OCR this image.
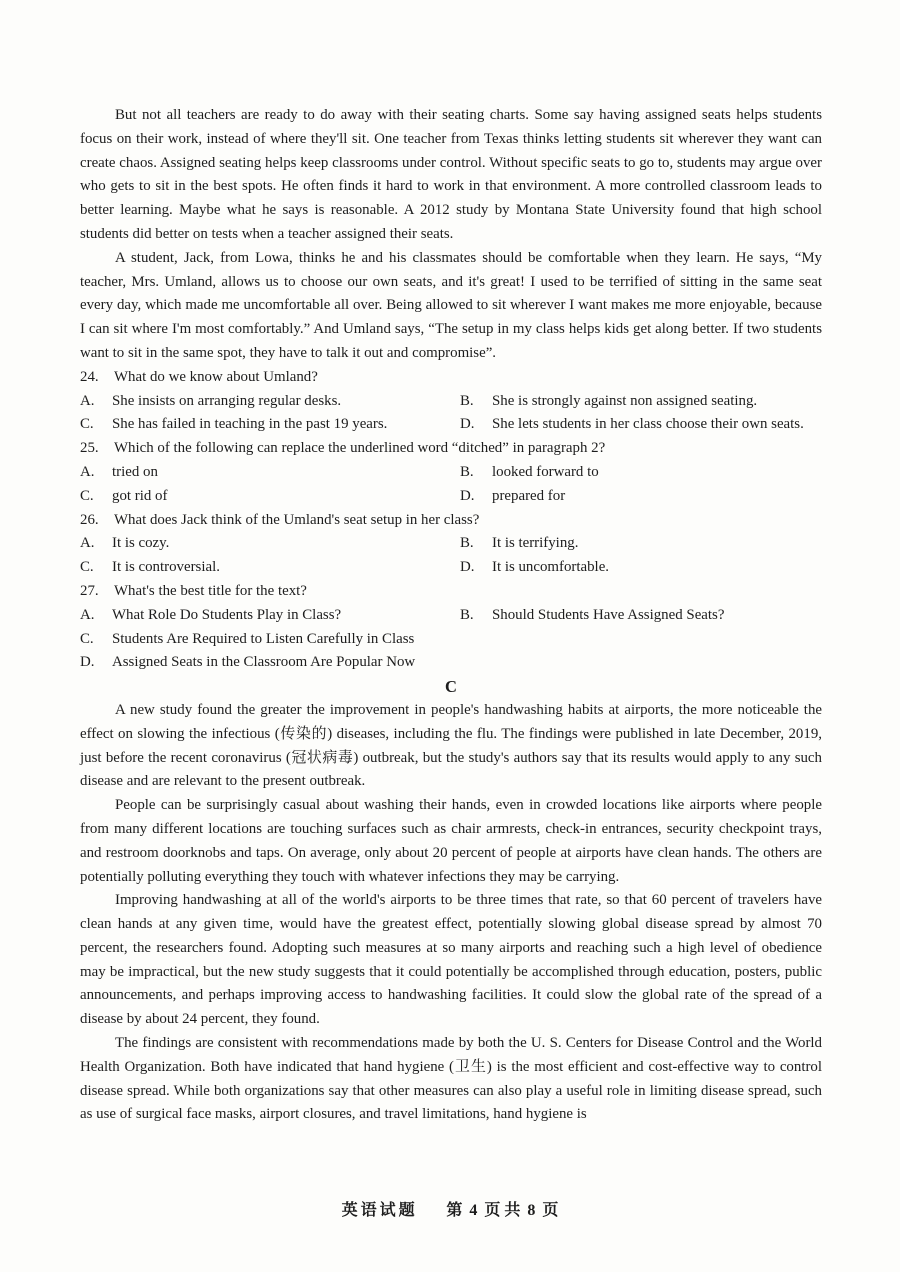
But not all teachers are ready to do away with their seating charts. Some say having assigned seats helps students focus on their work, instead of where they'll sit. One teacher from Texas thinks letting students sit wherever they want can create chaos. Assigned seating helps keep classrooms under control. Without specific seats to go to, students may argue over who gets to sit in the best spots. He often finds it hard to work in that environment. A more controlled classroom leads to better learning. Maybe what he says is reasonable. A 2012 study by Montana State University found that high school students did better on tests when a teacher assigned their seats.

A student, Jack, from Lowa, thinks he and his classmates should be comfortable when they learn. He says, “My teacher, Mrs. Umland, allows us to choose our own seats, and it's great! I used to be terrified of sitting in the same seat every day, which made me uncomfortable all over. Being allowed to sit wherever I want makes me more enjoyable, because I can sit where I'm most comfortably.” And Umland says, “The setup in my class helps kids get along better. If two students want to sit in the same spot, they have to talk it out and compromise”.

24.	What do we know about Umland?
A.	She insists on arranging regular desks.	B.	She is strongly against non assigned seating.
C.	She has failed in teaching in the past 19 years.	D.	She lets students in her class choose their own seats.
25.	Which of the following can replace the underlined word “ditched” in paragraph 2?
A.	tried on	B.	looked forward to
C.	got rid of	D.	prepared for
26.	What does Jack think of the Umland's seat setup in her class?
A.	It is cozy.	B.	It is terrifying.
C.	It is controversial.	D.	It is uncomfortable.
27.	What's the best title for the text?
A.	What Role Do Students Play in Class?	B.	Should Students Have Assigned Seats?
C.	Students Are Required to Listen Carefully in Class
D.	Assigned Seats in the Classroom Are Popular Now
C

A new study found the greater the improvement in people's handwashing habits at airports, the more noticeable the effect on slowing the infectious (传染的) diseases, including the flu. The findings were published in late December, 2019, just before the recent coronavirus (冠状病毒) outbreak, but the study's authors say that its results would apply to any such disease and are relevant to the present outbreak.

People can be surprisingly casual about washing their hands, even in crowded locations like airports where people from many different locations are touching surfaces such as chair armrests, check-in entrances, security checkpoint trays, and restroom doorknobs and taps. On average, only about 20 percent of people at airports have clean hands. The others are potentially polluting everything they touch with whatever infections they may be carrying.

Improving handwashing at all of the world's airports to be three times that rate, so that 60 percent of travelers have clean hands at any given time, would have the greatest effect, potentially slowing global disease spread by almost 70 percent, the researchers found. Adopting such measures at so many airports and reaching such a high level of obedience may be impractical, but the new study suggests that it could potentially be accomplished through education, posters, public announcements, and perhaps improving access to handwashing facilities. It could slow the global rate of the spread of a disease by about 24 percent, they found.

The findings are consistent with recommendations made by both the U. S. Centers for Disease Control and the World Health Organization. Both have indicated that hand hygiene (卫生) is the most efficient and cost-effective way to control disease spread. While both organizations say that other measures can also play a useful role in limiting disease spread, such as use of surgical face masks, airport closures, and travel limitations, hand hygiene is

英语试题 第 4 页 共 8 页
